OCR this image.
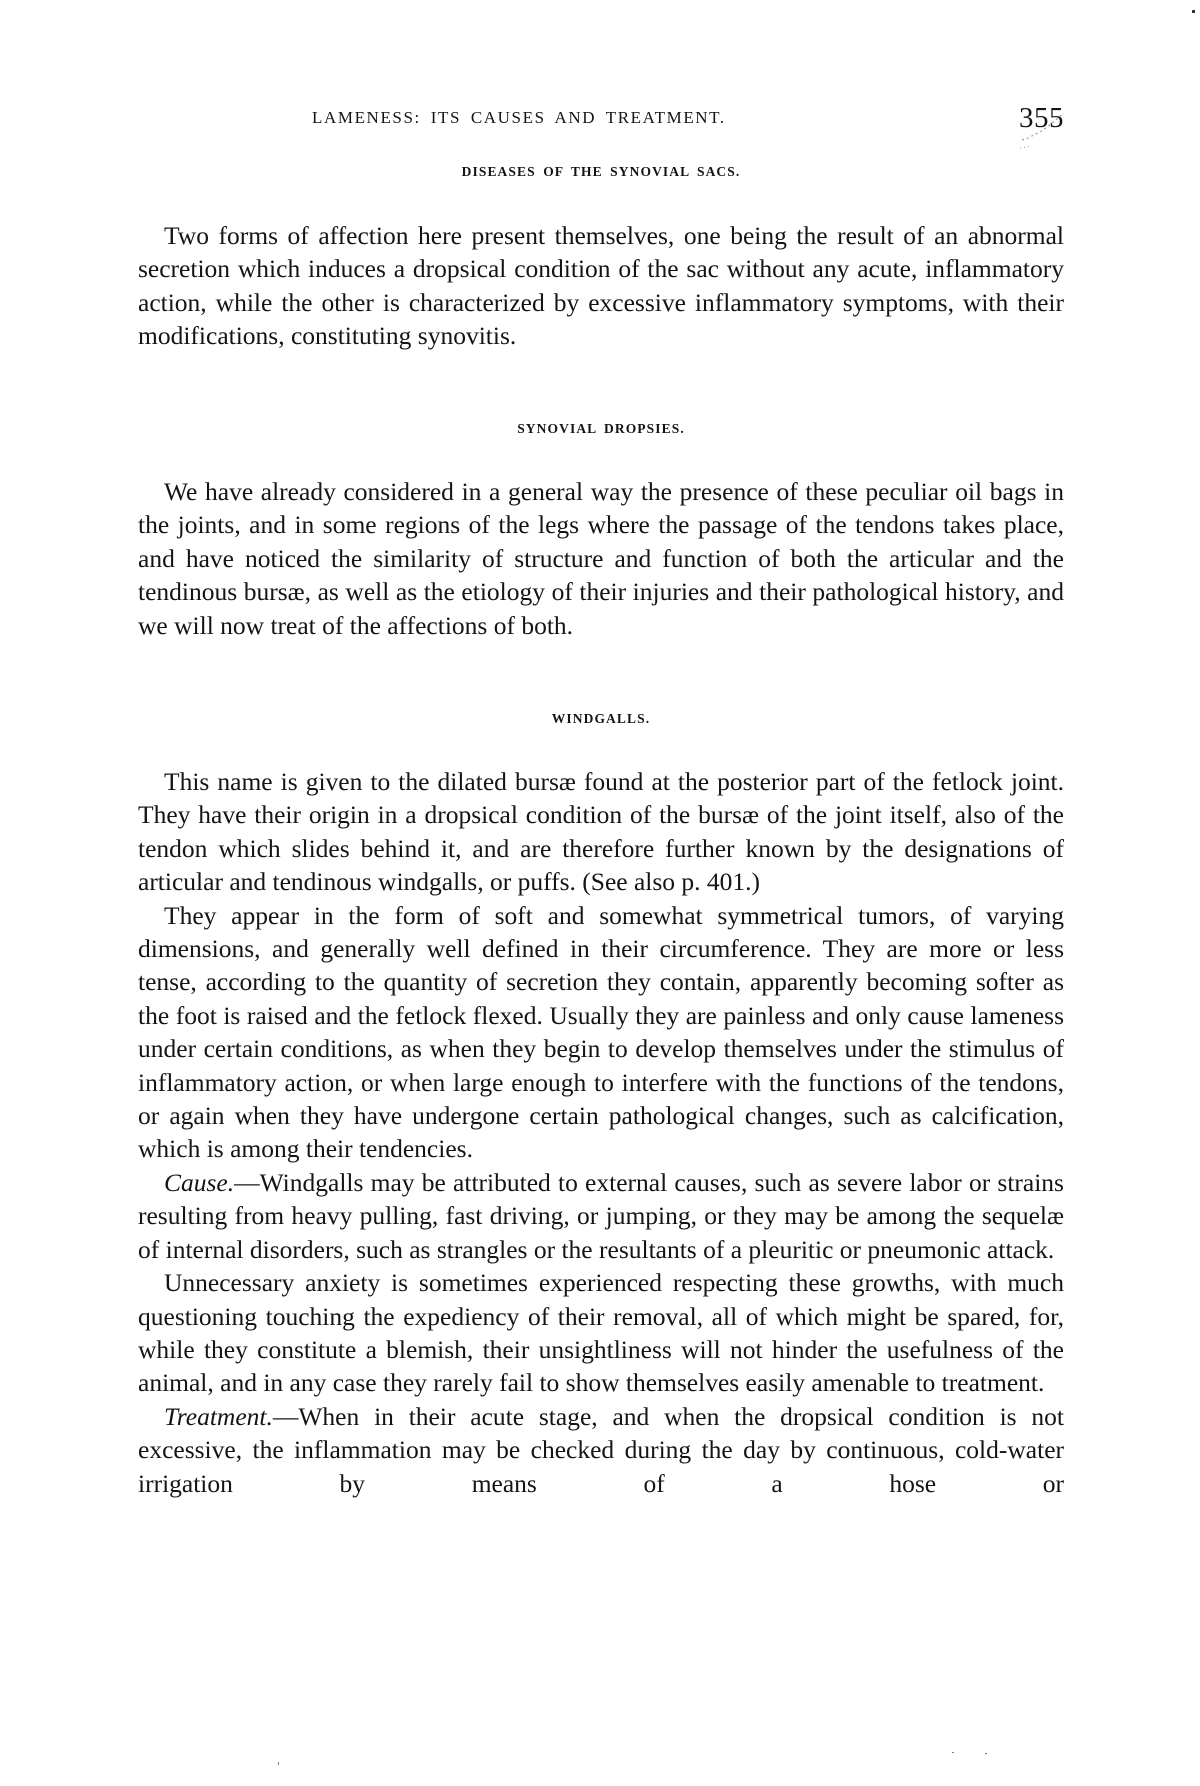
LAMENESS: ITS CAUSES AND TREATMENT.	355
DISEASES OF THE SYNOVIAL SACS.

Two forms of affection here present themselves, one being the result of an abnormal secretion which induces a dropsical condition of the sac without any acute, inflammatory action, while the other is characterized by excessive inflammatory symptoms, with their modifications, constituting synovitis.

SYNOVIAL DROPSIES.

We have already considered in a general way the presence of these peculiar oil bags in the joints, and in some regions of the legs where the passage of the tendons takes place, and have noticed the similarity of structure and function of both the articular and the tendinous bursæ, as well as the etiology of their injuries and their pathological history, and we will now treat of the affections of both.

WINDGALLS.

This name is given to the dilated bursæ found at the posterior part of the fetlock joint. They have their origin in a dropsical condition of the bursæ of the joint itself, also of the tendon which slides behind it, and are therefore further known by the designations of articular and tendinous windgalls, or puffs. (See also p. 401.)

They appear in the form of soft and somewhat symmetrical tumors, of varying dimensions, and generally well defined in their circumference. They are more or less tense, according to the quantity of secretion they contain, apparently becoming softer as the foot is raised and the fetlock flexed. Usually they are painless and only cause lameness under certain conditions, as when they begin to develop themselves under the stimulus of inflammatory action, or when large enough to interfere with the functions of the tendons, or again when they have undergone certain pathological changes, such as calcification, which is among their tendencies.

Cause.—Windgalls may be attributed to external causes, such as severe labor or strains resulting from heavy pulling, fast driving, or jumping, or they may be among the sequelæ of internal disorders, such as strangles or the resultants of a pleuritic or pneumonic attack.

Unnecessary anxiety is sometimes experienced respecting these growths, with much questioning touching the expediency of their removal, all of which might be spared, for, while they constitute a blemish, their unsightliness will not hinder the usefulness of the animal, and in any case they rarely fail to show themselves easily amenable to treatment.

Treatment.—When in their acute stage, and when the dropsical condition is not excessive, the inflammation may be checked during the day by continuous, cold-water irrigation by means of a hose or
